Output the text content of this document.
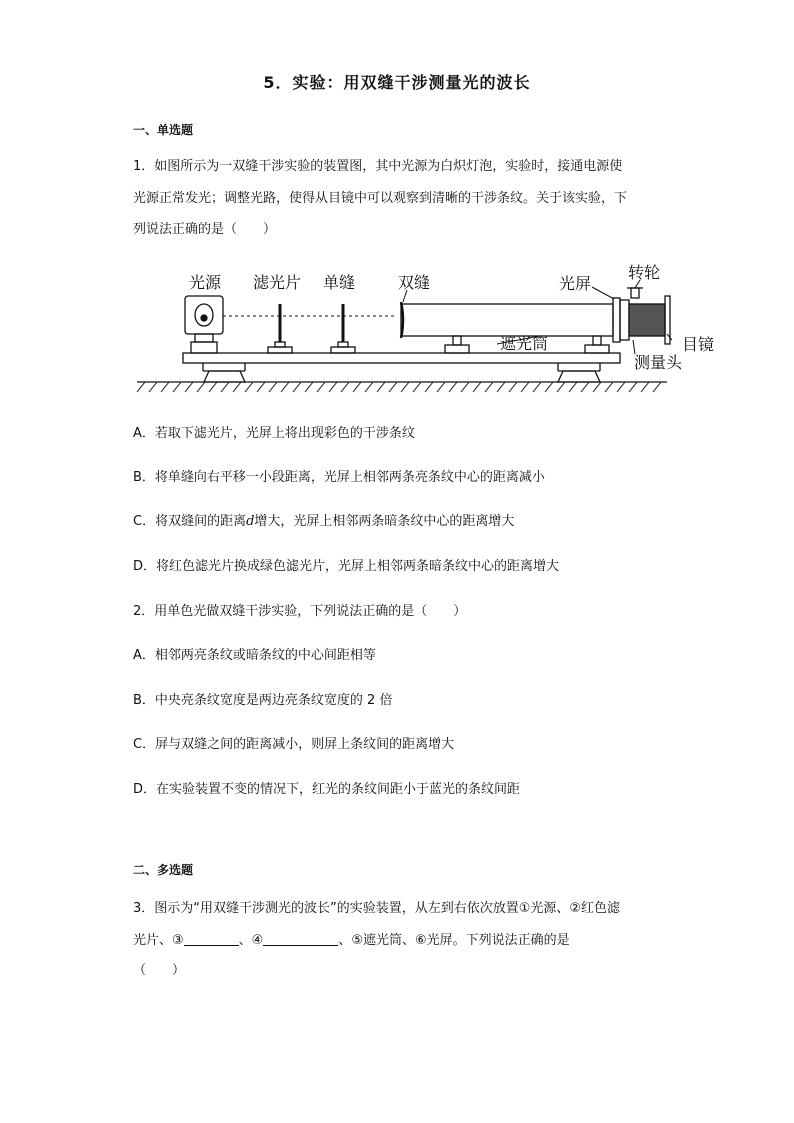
5．实验：用双缝干涉测量光的波长
一、单选题
1．如图所示为一双缝干涉实验的装置图，其中光源为白炽灯泡，实验时，接通电源使
光源正常发光；调整光路，使得从目镜中可以观察到清晰的干涉条纹。关于该实验，下
列说法正确的是（　　）
光源 滤光片 单缝	双缝	光屏
转轮
目镜
遮光筒
测量头
A．若取下滤光片，光屏上将出现彩色的干涉条纹
B．将单缝向右平移一小段距离，光屏上相邻两条亮条纹中心的距离减小
C．将双缝间的距离d增大，光屏上相邻两条暗条纹中心的距离增大
D．将红色滤光片换成绿色滤光片，光屏上相邻两条暗条纹中心的距离增大
2．用单色光做双缝干涉实验，下列说法正确的是（　　）
A．相邻两亮条纹或暗条纹的中心间距相等
B．中央亮条纹宽度是两边亮条纹宽度的 2 倍
C．屏与双缝之间的距离减小，则屏上条纹间的距离增大
D．在实验装置不变的情况下，红光的条纹间距小于蓝光的条纹间距
二、多选题
3．图示为“用双缝干涉测光的波长”的实验装置，从左到右依次放置①光源、②红色滤
光片、③	、④	、⑤遮光筒、⑥光屏。下列说法正确的是
（　　）
